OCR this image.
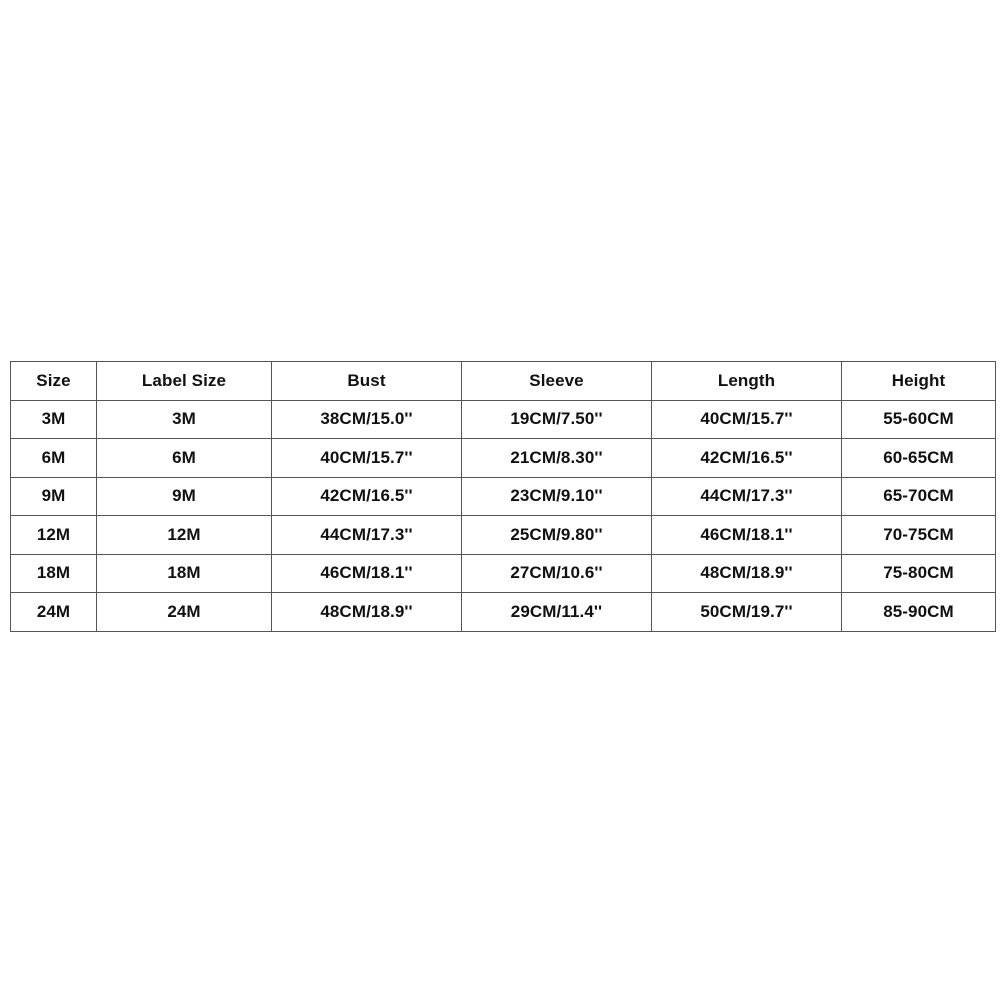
Size	Label Size	Bust	Sleeve	Length	Height
3M	3M	38CM/15.0''	19CM/7.50''	40CM/15.7''	55-60CM
6M	6M	40CM/15.7''	21CM/8.30''	42CM/16.5''	60-65CM
9M	9M	42CM/16.5''	23CM/9.10''	44CM/17.3''	65-70CM
12M	12M	44CM/17.3''	25CM/9.80''	46CM/18.1''	70-75CM
18M	18M	46CM/18.1''	27CM/10.6''	48CM/18.9''	75-80CM
24M	24M	48CM/18.9''	29CM/11.4''	50CM/19.7''	85-90CM
